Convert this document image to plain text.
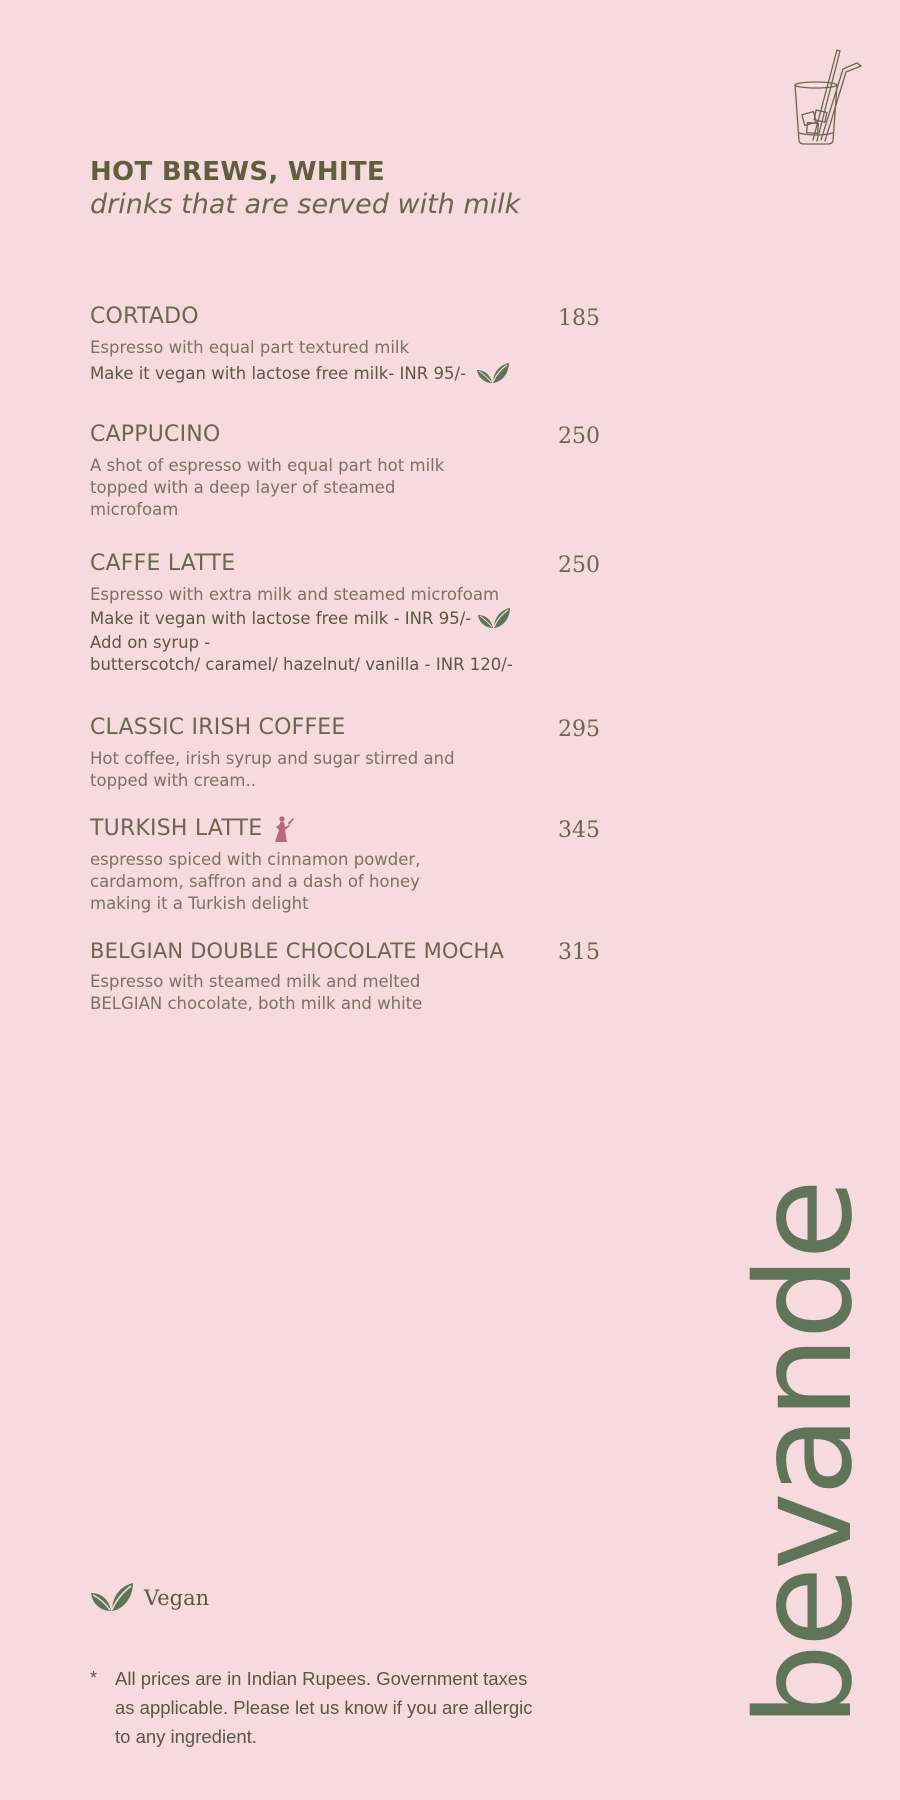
HOT BREWS, WHITE
drinks that are served with milk
CORTADO	185
Espresso with equal part textured milk
Make it vegan with lactose free milk- INR 95/-
CAPPUCINO	250
A shot of espresso with equal part hot milk topped with a deep layer of steamed microfoam
CAFFE LATTE	250
Espresso with extra milk and steamed microfoam
Make it vegan with lactose free milk - INR 95/-
Add on syrup -
butterscotch/ caramel/ hazelnut/ vanilla - INR 120/-
CLASSIC IRISH COFFEE	295
Hot coffee, irish syrup and sugar stirred and topped with cream..
TURKISH LATTE	345
espresso spiced with cinnamon powder, cardamom, saffron and a dash of honey making it a Turkish delight
BELGIAN DOUBLE CHOCOLATE MOCHA	315
Espresso with steamed milk and melted BELGIAN chocolate, both milk and white
bevande
Vegan
* All prices are in Indian Rupees. Government taxes as applicable. Please let us know if you are allergic to any ingredient.
